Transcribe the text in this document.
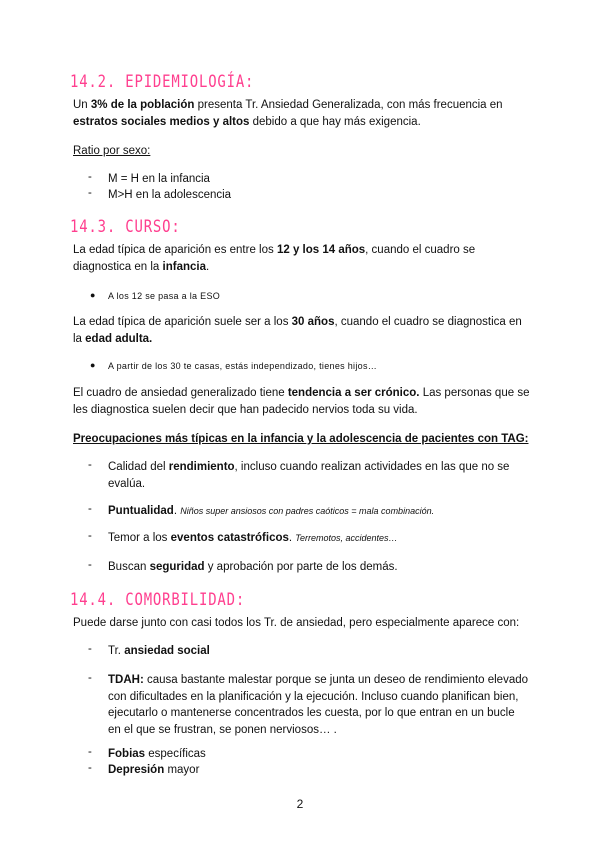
14.2. EPIDEMIOLOGÍA:
Un 3% de la población presenta Tr. Ansiedad Generalizada, con más frecuencia en estratos sociales medios y altos debido a que hay más exigencia.
Ratio por sexo:
- M = H en la infancia
- M>H en la adolescencia
14.3. CURSO:
La edad típica de aparición es entre los 12 y los 14 años, cuando el cuadro se diagnostica en la infancia.
● A los 12 se pasa a la ESO
La edad típica de aparición suele ser a los 30 años, cuando el cuadro se diagnostica en la edad adulta.
● A partir de los 30 te casas, estás independizado, tienes hijos…
El cuadro de ansiedad generalizado tiene tendencia a ser crónico. Las personas que se les diagnostica suelen decir que han padecido nervios toda su vida.
Preocupaciones más típicas en la infancia y la adolescencia de pacientes con TAG:
- Calidad del rendimiento, incluso cuando realizan actividades en las que no se evalúa.
- Puntualidad. Niños super ansiosos con padres caóticos = mala combinación.
- Temor a los eventos catastróficos. Terremotos, accidentes…
- Buscan seguridad y aprobación por parte de los demás.
14.4. COMORBILIDAD:
Puede darse junto con casi todos los Tr. de ansiedad, pero especialmente aparece con:
- Tr. ansiedad social
- TDAH: causa bastante malestar porque se junta un deseo de rendimiento elevado con dificultades en la planificación y la ejecución. Incluso cuando planifican bien, ejecutarlo o mantenerse concentrados les cuesta, por lo que entran en un bucle en el que se frustran, se ponen nerviosos… .
- Fobias específicas
- Depresión mayor
2
